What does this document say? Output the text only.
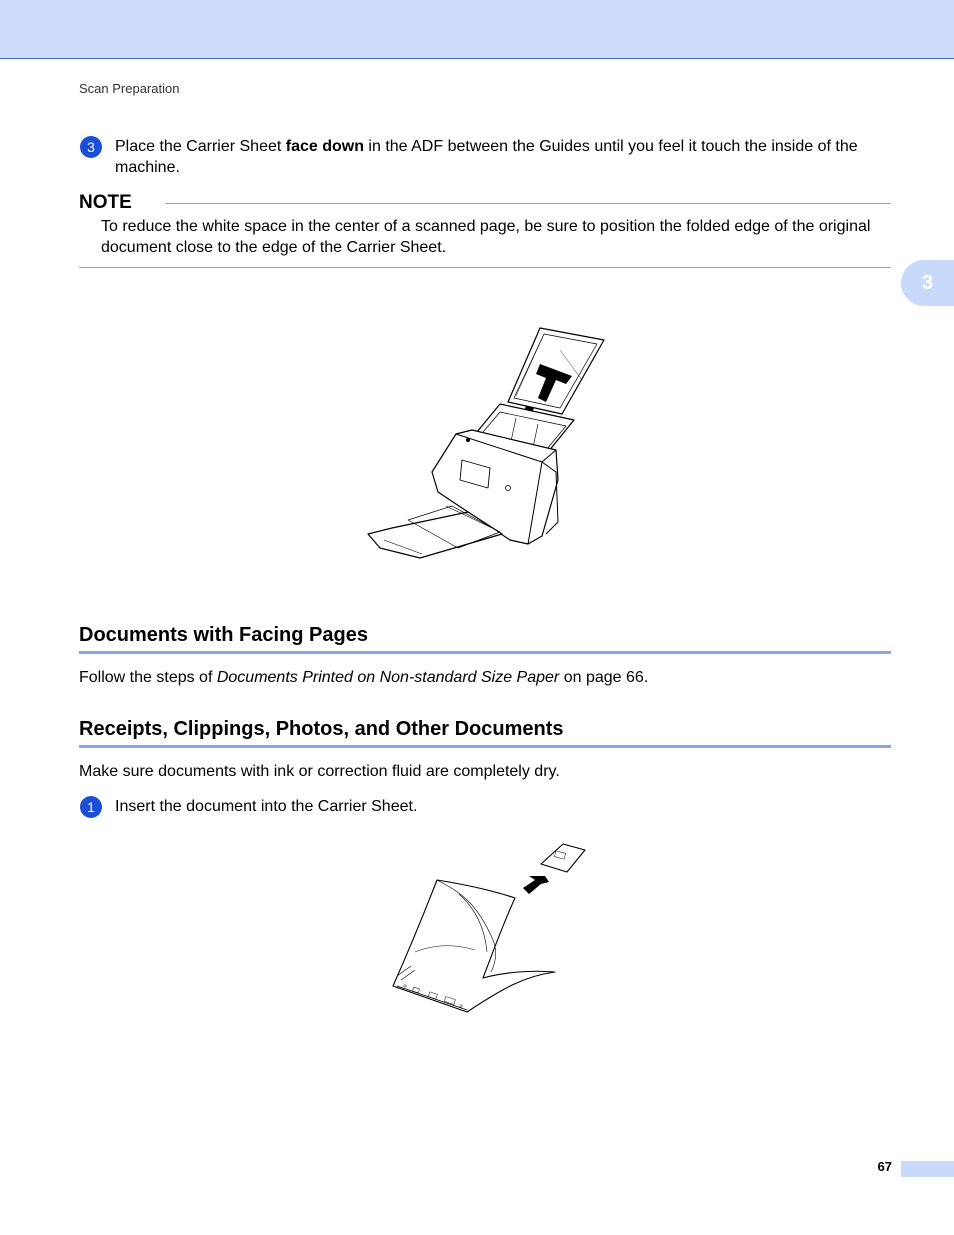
Scan Preparation
3
3	Place the Carrier Sheet face down in the ADF between the Guides until you feel it touch the inside of the machine.
NOTE
To reduce the white space in the center of a scanned page, be sure to position the folded edge of the original document close to the edge of the Carrier Sheet.
Documents with Facing Pages
Follow the steps of Documents Printed on Non-standard Size Paper on page 66.
Receipts, Clippings, Photos, and Other Documents
Make sure documents with ink or correction fluid are completely dry.
1	Insert the document into the Carrier Sheet.
67
